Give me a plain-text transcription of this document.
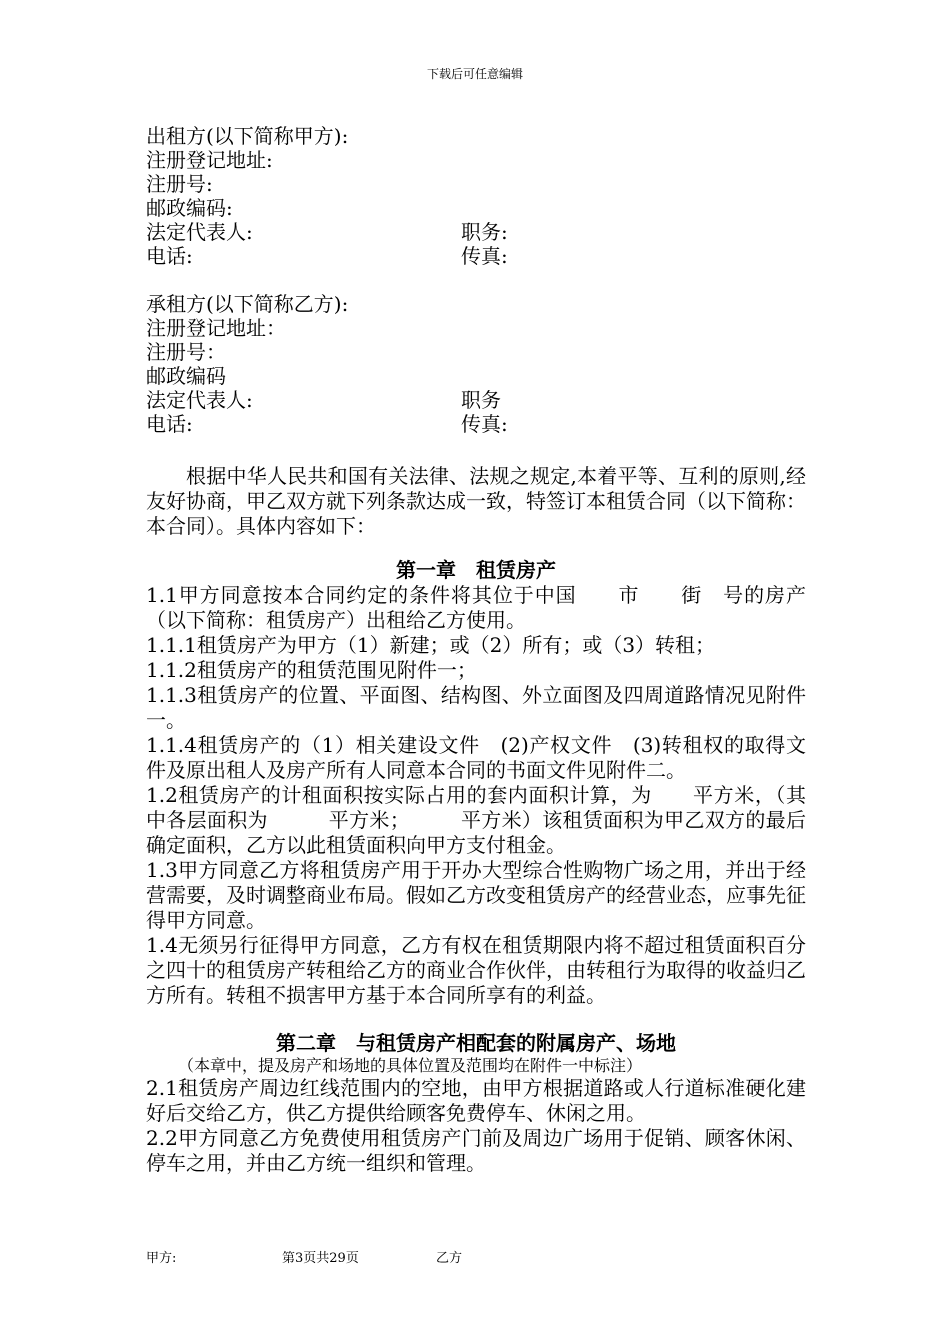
下载后可任意编辑
出租方(以下简称甲方):
注册登记地址:
注册号:
邮政编码:
法定代表人:	职务:
电话:	传真:
承租方(以下简称乙方):
注册登记地址：
注册号：
邮政编码
法定代表人:	职务
电话:	传真:
根据中华人民共和国有关法律、法规之规定,本着平等、互利的原则,经友好协商，甲乙双方就下列条款达成一致，特签订本租赁合同（以下简称：本合同）。具体内容如下：
第一章　租赁房产
1.1甲方同意按本合同约定的条件将其位于中国　　市　　街　号的房产（以下简称：租赁房产）出租给乙方使用。
1.1.1租赁房产为甲方（1）新建；或（2）所有；或（3）转租；
1.1.2租赁房产的租赁范围见附件一；
1.1.3租赁房产的位置、平面图、结构图、外立面图及四周道路情况见附件一。
1.1.4租赁房产的（1）相关建设文件　(2)产权文件　(3)转租权的取得文件及原出租人及房产所有人同意本合同的书面文件见附件二。
1.2租赁房产的计租面积按实际占用的套内面积计算，为　　平方米，（其中各层面积为　　　平方米；　　　平方米）该租赁面积为甲乙双方的最后确定面积，乙方以此租赁面积向甲方支付租金。
1.3甲方同意乙方将租赁房产用于开办大型综合性购物广场之用，并出于经营需要，及时调整商业布局。假如乙方改变租赁房产的经营业态，应事先征得甲方同意。
1.4无须另行征得甲方同意，乙方有权在租赁期限内将不超过租赁面积百分之四十的租赁房产转租给乙方的商业合作伙伴，由转租行为取得的收益归乙方所有。转租不损害甲方基于本合同所享有的利益。
第二章　与租赁房产相配套的附属房产、场地
（本章中，提及房产和场地的具体位置及范围均在附件一中标注）
2.1租赁房产周边红线范围内的空地，由甲方根据道路或人行道标准硬化建好后交给乙方，供乙方提供给顾客免费停车、休闲之用。
2.2甲方同意乙方免费使用租赁房产门前及周边广场用于促销、顾客休闲、停车之用，并由乙方统一组织和管理。
甲方:	第3页共29页	乙方
